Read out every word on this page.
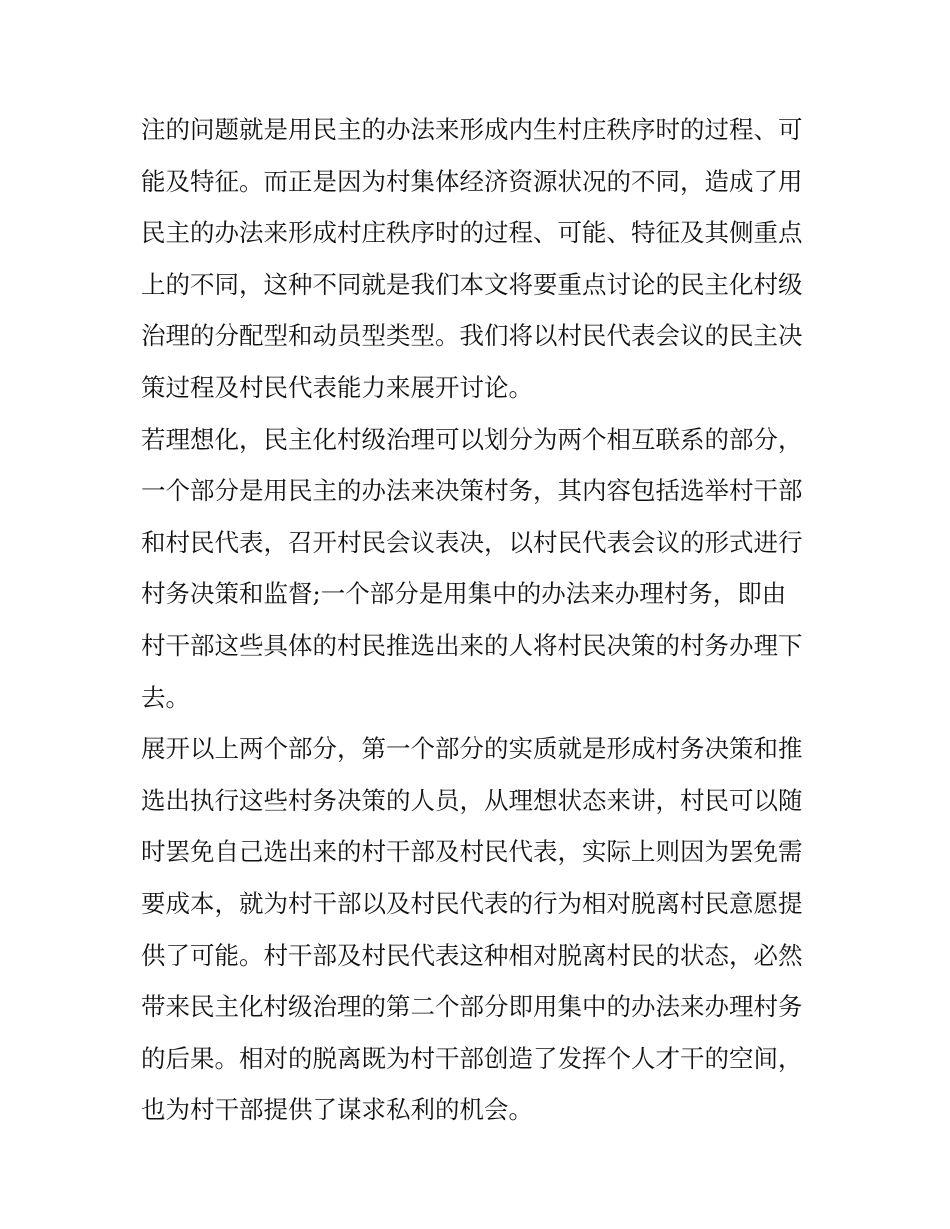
注的问题就是用民主的办法来形成内生村庄秩序时的过程、可
能及特征。而正是因为村集体经济资源状况的不同，造成了用
民主的办法来形成村庄秩序时的过程、可能、特征及其侧重点
上的不同，这种不同就是我们本文将要重点讨论的民主化村级
治理的分配型和动员型类型。我们将以村民代表会议的民主决
策过程及村民代表能力来展开讨论。
若理想化，民主化村级治理可以划分为两个相互联系的部分，
一个部分是用民主的办法来决策村务，其内容包括选举村干部
和村民代表，召开村民会议表决，以村民代表会议的形式进行
村务决策和监督;一个部分是用集中的办法来办理村务，即由
村干部这些具体的村民推选出来的人将村民决策的村务办理下
去。
展开以上两个部分，第一个部分的实质就是形成村务决策和推
选出执行这些村务决策的人员，从理想状态来讲，村民可以随
时罢免自己选出来的村干部及村民代表，实际上则因为罢免需
要成本，就为村干部以及村民代表的行为相对脱离村民意愿提
供了可能。村干部及村民代表这种相对脱离村民的状态，必然
带来民主化村级治理的第二个部分即用集中的办法来办理村务
的后果。相对的脱离既为村干部创造了发挥个人才干的空间，
也为村干部提供了谋求私利的机会。
